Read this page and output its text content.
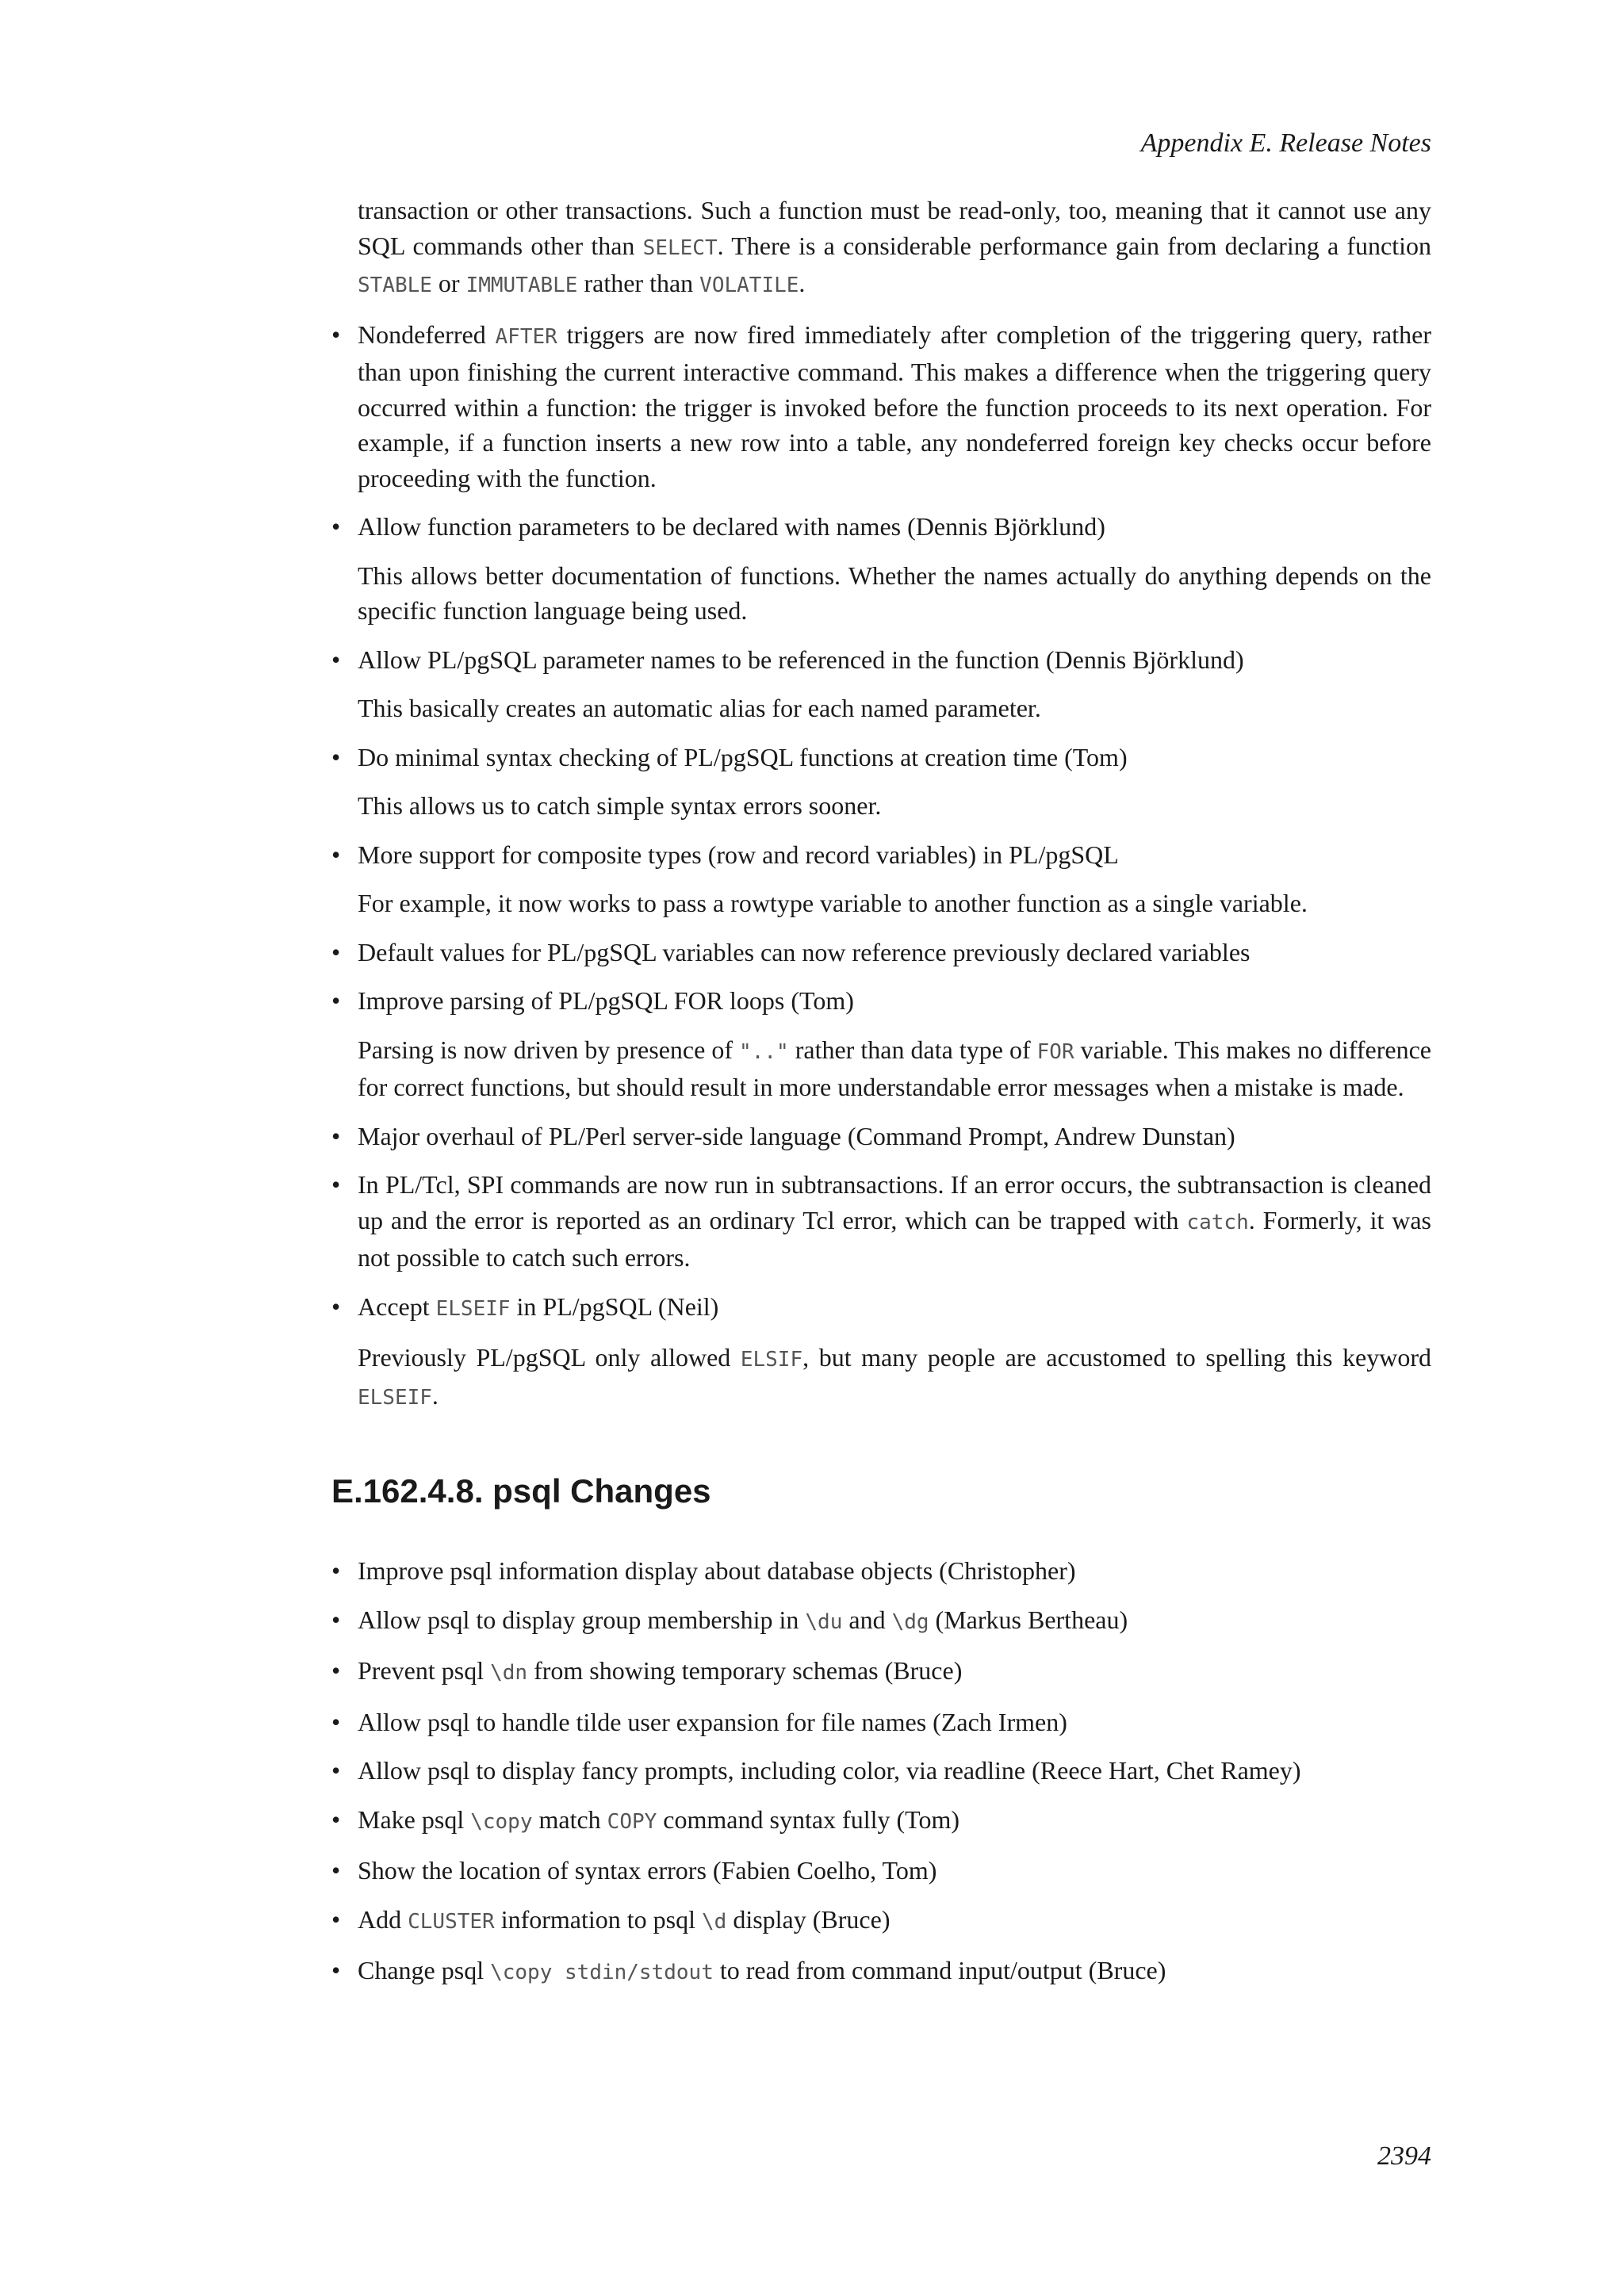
Appendix E. Release Notes

transaction or other transactions. Such a function must be read-only, too, meaning that it cannot use any SQL commands other than SELECT. There is a considerable performance gain from declaring a function STABLE or IMMUTABLE rather than VOLATILE.

• Nondeferred AFTER triggers are now fired immediately after completion of the triggering query, rather than upon finishing the current interactive command. This makes a difference when the triggering query occurred within a function: the trigger is invoked before the function proceeds to its next operation. For example, if a function inserts a new row into a table, any nondeferred foreign key checks occur before proceeding with the function.

• Allow function parameters to be declared with names (Dennis Björklund)

This allows better documentation of functions. Whether the names actually do anything depends on the specific function language being used.

• Allow PL/pgSQL parameter names to be referenced in the function (Dennis Björklund)

This basically creates an automatic alias for each named parameter.

• Do minimal syntax checking of PL/pgSQL functions at creation time (Tom)

This allows us to catch simple syntax errors sooner.

• More support for composite types (row and record variables) in PL/pgSQL

For example, it now works to pass a rowtype variable to another function as a single variable.

• Default values for PL/pgSQL variables can now reference previously declared variables

• Improve parsing of PL/pgSQL FOR loops (Tom)

Parsing is now driven by presence of ".." rather than data type of FOR variable. This makes no difference for correct functions, but should result in more understandable error messages when a mistake is made.

• Major overhaul of PL/Perl server-side language (Command Prompt, Andrew Dunstan)

• In PL/Tcl, SPI commands are now run in subtransactions. If an error occurs, the subtransaction is cleaned up and the error is reported as an ordinary Tcl error, which can be trapped with catch. Formerly, it was not possible to catch such errors.

• Accept ELSEIF in PL/pgSQL (Neil)

Previously PL/pgSQL only allowed ELSIF, but many people are accustomed to spelling this keyword ELSEIF.

E.162.4.8. psql Changes
• Improve psql information display about database objects (Christopher)

• Allow psql to display group membership in \du and \dg (Markus Bertheau)

• Prevent psql \dn from showing temporary schemas (Bruce)

• Allow psql to handle tilde user expansion for file names (Zach Irmen)

• Allow psql to display fancy prompts, including color, via readline (Reece Hart, Chet Ramey)

• Make psql \copy match COPY command syntax fully (Tom)

• Show the location of syntax errors (Fabien Coelho, Tom)

• Add CLUSTER information to psql \d display (Bruce)

• Change psql \copy stdin/stdout to read from command input/output (Bruce)

2394
